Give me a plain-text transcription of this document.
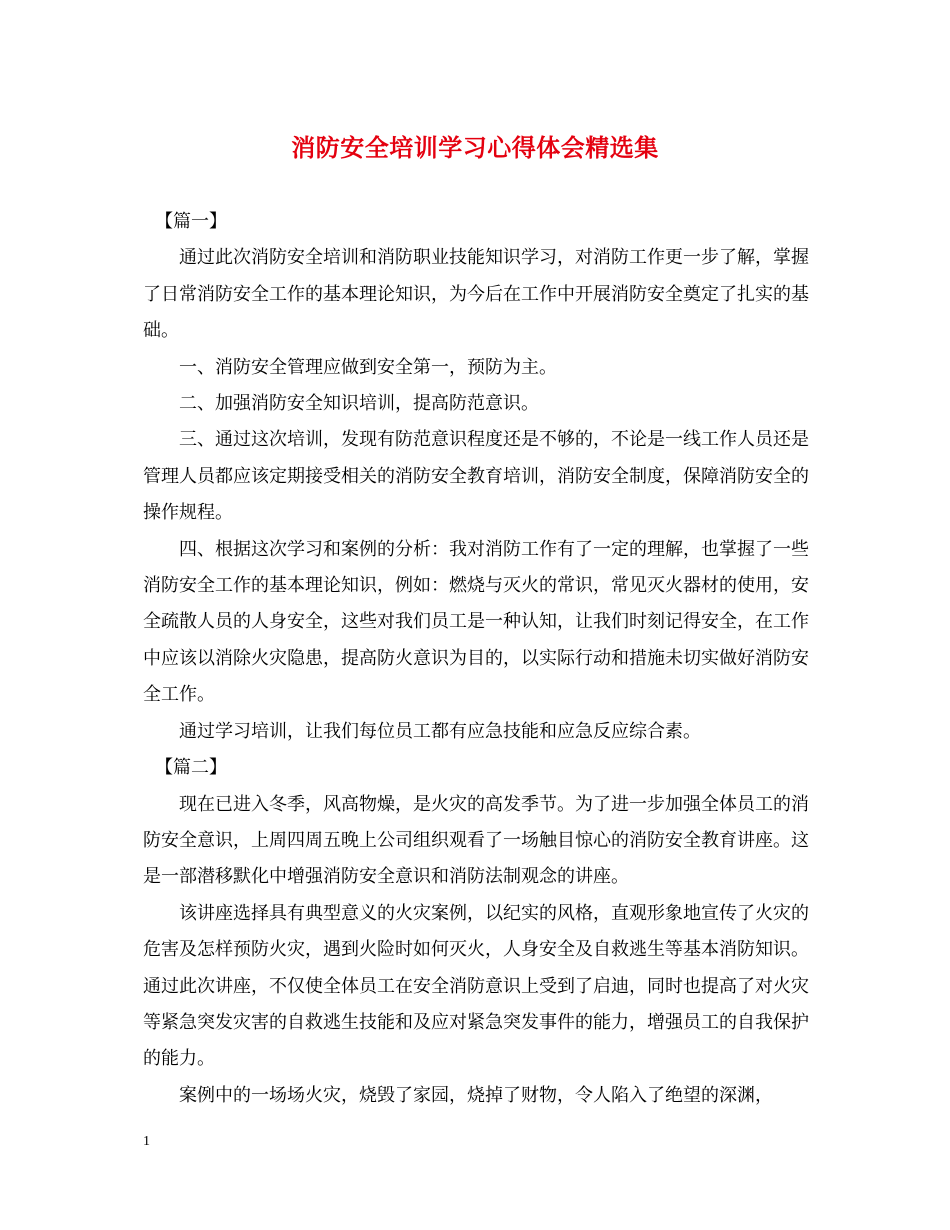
消防安全培训学习心得体会精选集

【篇一】

通过此次消防安全培训和消防职业技能知识学习，对消防工作更一步了解，掌握了日常消防安全工作的基本理论知识，为今后在工作中开展消防安全奠定了扎实的基础。

一、消防安全管理应做到安全第一，预防为主。

二、加强消防安全知识培训，提高防范意识。

三、通过这次培训，发现有防范意识程度还是不够的，不论是一线工作人员还是管理人员都应该定期接受相关的消防安全教育培训，消防安全制度，保障消防安全的操作规程。

四、根据这次学习和案例的分析：我对消防工作有了一定的理解，也掌握了一些消防安全工作的基本理论知识，例如：燃烧与灭火的常识，常见灭火器材的使用，安全疏散人员的人身安全，这些对我们员工是一种认知，让我们时刻记得安全，在工作中应该以消除火灾隐患，提高防火意识为目的，以实际行动和措施未切实做好消防安全工作。

通过学习培训，让我们每位员工都有应急技能和应急反应综合素。

【篇二】

现在已进入冬季，风高物燥，是火灾的高发季节。为了进一步加强全体员工的消防安全意识，上周四周五晚上公司组织观看了一场触目惊心的消防安全教育讲座。这是一部潜移默化中增强消防安全意识和消防法制观念的讲座。

该讲座选择具有典型意义的火灾案例，以纪实的风格，直观形象地宣传了火灾的危害及怎样预防火灾，遇到火险时如何灭火，人身安全及自救逃生等基本消防知识。通过此次讲座，不仅使全体员工在安全消防意识上受到了启迪，同时也提高了对火灾等紧急突发灾害的自救逃生技能和及应对紧急突发事件的能力，增强员工的自我保护的能力。

案例中的一场场火灾，烧毁了家园，烧掉了财物，令人陷入了绝望的深渊，

1
